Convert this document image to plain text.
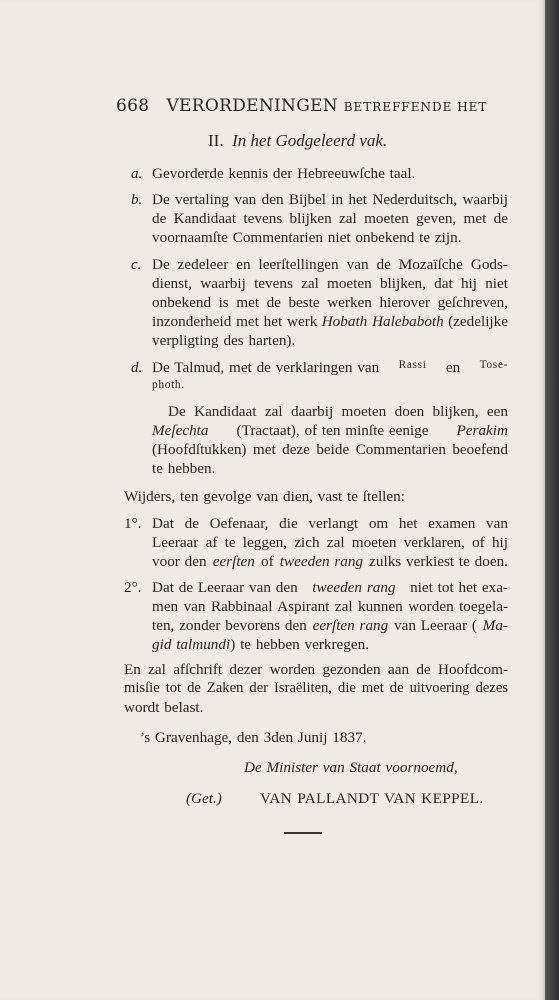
668 VERORDENINGEN BETREFFENDE HET
II. In het Godgeleerd vak.
a. Gevorderde kennis der Hebreeuwſche taal.
b. De vertaling van den Bijbel in het Nederduitsch, waarbij
de Kandidaat tevens blijken zal moeten geven, met de
voornaamſte Commentarien niet onbekend te zijn.
c. De zedeleer en leerſtellingen van de Mozaïſche Gods-
dienst, waarbij tevens zal moeten blijken, dat hij niet
onbekend is met de beste werken hierover geſchreven,
inzonderheid met het werk Hobath Halebaboth (zedelijke
verpligting des harten).
d. De Talmud, met de verklaringen van Rassi en Tose-
photh.
De Kandidaat zal daarbij moeten doen blijken, een
Meſechta (Tractaat), of ten minſte eenige Perakim
(Hoofdſtukken) met deze beide Commentarien beoefend
te hebben.
Wijders, ten gevolge van dien, vast te ſtellen:
1°. Dat de Oefenaar, die verlangt om het examen van
Leeraar af te leggen, zich zal moeten verklaren, of hij
voor den eerſten of tweeden rang zulks verkiest te doen.
2°. Dat de Leeraar van den tweeden rang niet tot het exa-
men van Rabbinaal Aspirant zal kunnen worden toegela-
ten, zonder bevorens den eerſten rang van Leeraar ( Ma-
gid talmundi) te hebben verkregen.
En zal afſchrift dezer worden gezonden aan de Hoofdcom-
misſie tot de Zaken der Israëliten, die met de uitvoering dezes
wordt belast.
’s Gravenhage, den 3den Junij 1837.
De Minister van Staat voornoemd,
(Get.)	VAN PALLANDT VAN KEPPEL.
